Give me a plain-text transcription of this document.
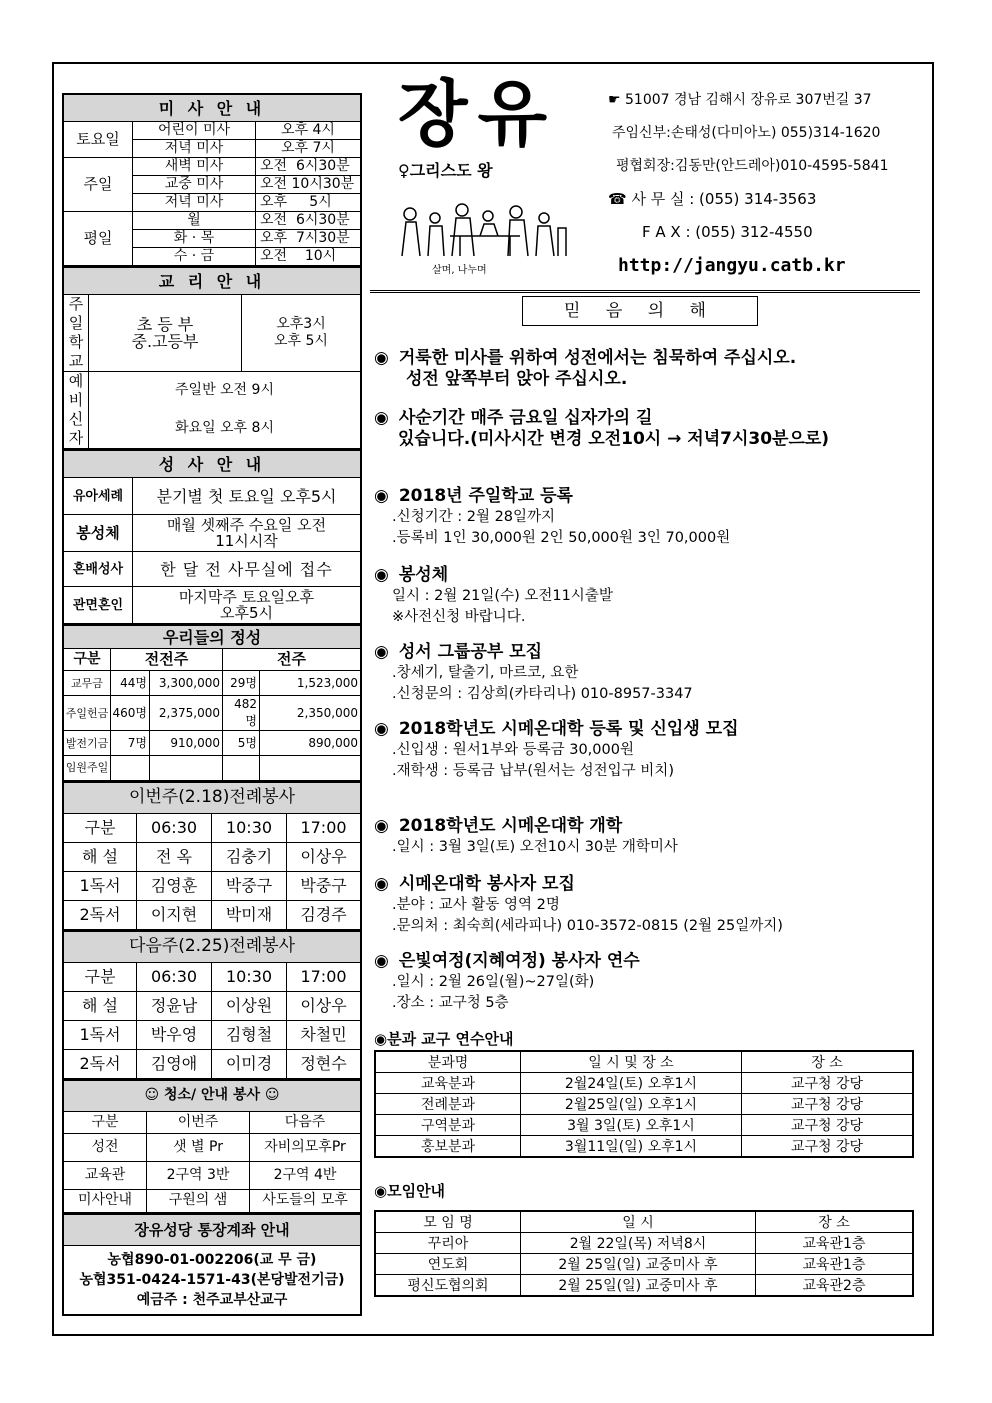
미 사 안 내		
토요일	어린이 미사	오후 4시
	저녁 미사	오후 7시
주일	새벽 미사	오전  6시30분
	교중 미사	오전 10시30분
	저녁 미사	오후     5시
평일	월	오전  6시30분
	화 · 목	오후  7시30분
	수 · 금	오전    10시
교 리 안 내		
주일학교	초 등 부	오후3시
	중.고등부	오후 5시
예비신자	주일반 오전 9시	
	화요일 오후 8시	
성 사 안 내	
유아세례	분기별 첫 토요일 오후5시
봉성체	매월 셋째주 수요일 오전11시시작
혼배성사	한 달 전 사무실에 접수
관면혼인	마지막주 토요일오후 오후5시
우리들의 정성				
구분	전전주		전주	
교무금	44명	3,300,000	29명	1,523,000
주일헌금	460명	2,375,000	482명	2,350,000
발전기금	7명	910,000	5명	890,000
임원주일				
이번주(2.18)전례봉사			
구분	06:30	10:30	17:00
해 설	전 옥	김충기	이상우
1독서	김영훈	박중구	박중구
2독서	이지현	박미재	김경주
다음주(2.25)전례봉사			
구분	06:30	10:30	17:00
해 설	정윤남	이상원	이상우
1독서	박우영	김형철	차철민
2독서	김영애	이미경	정현수
☺ 청소/ 안내 봉사 ☺		
구분	이번주	다음주
성전	샛 별 Pr	자비의모후Pr
교육관	2구역 3반	2구역 4반
미사안내	구원의 샘	사도들의 모후
장유성당 통장계좌 안내

농협890-01-002206(교 무 금)
농협351-0424-1571-43(본당발전기금)
예금주 : 천주교부산교구
장유
♀그리스도 왕
살며, 나누며
☛ 51007 경남 김해시 장유로 307번길 37
주임신부:손태성(다미아노) 055)314-1620
평협회장:김동만(안드레아)010-4595-5841
☎ 사 무 실 : (055) 314-3563
F A X : (055) 312-4550
http://jangyu.catb.kr
믿 음 의 해
◉ 거룩한 미사를 위하여 성전에서는 침묵하여 주십시오.
성전 앞쪽부터 앉아 주십시오.
◉ 사순기간 매주 금요일 십자가의 길
있습니다.(미사시간 변경 오전10시 → 저녁7시30분으로)
◉ 2018년 주일학교 등록
.신청기간 : 2월 28일까지
.등록비 1인 30,000원 2인 50,000원 3인 70,000원
◉ 봉성체
일시 : 2월 21일(수) 오전11시출발
※사전신청 바랍니다.
◉ 성서 그룹공부 모집
.창세기, 탈출기, 마르코, 요한
.신청문의 : 김상희(카타리나) 010-8957-3347
◉ 2018학년도 시메온대학 등록 및 신입생 모집
.신입생 : 원서1부와 등록금 30,000원
.재학생 : 등록금 납부(원서는 성전입구 비치)
◉ 2018학년도 시메온대학 개학
.일시 : 3월 3일(토) 오전10시 30분 개학미사
◉ 시메온대학 봉사자 모집
.분야 : 교사 활동 영역 2명
.문의처 : 최숙희(세라피나) 010-3572-0815 (2월 25일까지)
◉ 은빛여정(지혜여정) 봉사자 연수
.일시 : 2월 26일(월)~27일(화)
.장소 : 교구청 5층
◉분과 교구 연수안내
분과명	일 시 및 장 소	장 소
교육분과	2월24일(토) 오후1시	교구청 강당
전례분과	2월25일(일) 오후1시	교구청 강당
구역분과	3월 3일(토) 오후1시	교구청 강당
홍보분과	3월11일(일) 오후1시	교구청 강당
◉모임안내
모 임 명	일 시	장 소
꾸리아	2월 22일(목) 저녁8시	교육관1층
연도회	2월 25일(일) 교중미사 후	교육관1층
평신도협의회	2월 25일(일) 교중미사 후	교육관2층
